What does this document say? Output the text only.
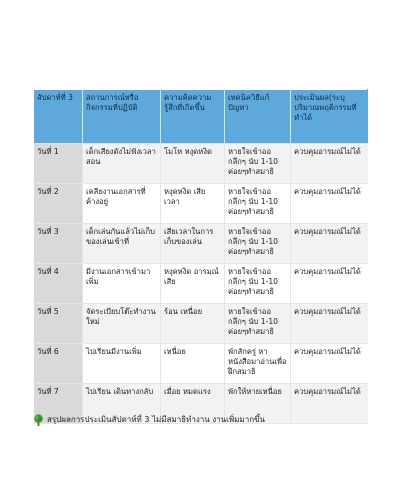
สัปดาห์ที่ 3	สถานการณ์หรือกิจกรรมที่ปฏิบัติ	ความคิดความรู้สึกที่เกิดขึ้น	เทคนิควิธีแก้ปัญหา	ประเมินผล(ระบุปริมาณพฤติกรรมที่ทำได้
วันที่ 1	เด็กเสียงดังไม่ฟังเวลาสอน	โมโห หงุดหงิด	หายใจเข้าออกลึกๆ นับ 1-10 ค่อยๆทำสมาธิ	ควบคุมอารมณ์ไม่ได้
วันที่ 2	เคลียงานเอกสารที่ค้างอยู่	หงุดหงิด เสียเวลา	หายใจเข้าออกลึกๆ นับ 1-10 ค่อยๆทำสมาธิ	ควบคุมอารมณ์ไม่ได้
วันที่ 3	เด็กเล่นกันแล้วไม่เก็บของเล่นเข้าที่	เสียเวลาในการเก็บของเล่น	หายใจเข้าออกลึกๆ นับ 1-10 ค่อยๆทำสมาธิ	ควบคุมอารมณ์ไม่ได้
วันที่ 4	มีงานเอกสารเข้ามาเพิ่ม	หงุดหงิด อารมณ์เสีย	หายใจเข้าออกลึกๆ นับ 1-10 ค่อยๆทำสมาธิ	ควบคุมอารมณ์ไม่ได้
วันที่ 5	จัดระเบียบโต๊ะทำงานใหม่	ร้อน เหนื่อย	หายใจเข้าออกลึกๆ นับ 1-10 ค่อยๆทำสมาธิ	ควบคุมอารมณ์ไม่ได้
วันที่ 6	ไปเรียนมีงานเพิ่ม	เหนื่อย	พักสักครู่ หาหนังสือมาอ่านเพื่อฝึกสมาธิ	ควบคุมอารมณ์ไม่ได้
วันที่ 7	ไปเรียน เดินทางกลับ	เมื่อย หมดแรง	พักให้หายเหนื่อย	ควบคุมอารมณ์ไม่ได้
สรุปผลการประเมินสัปดาห์ที่ 3 ไม่มีสมาธิทำงาน งานเพิ่มมากขึ้น
